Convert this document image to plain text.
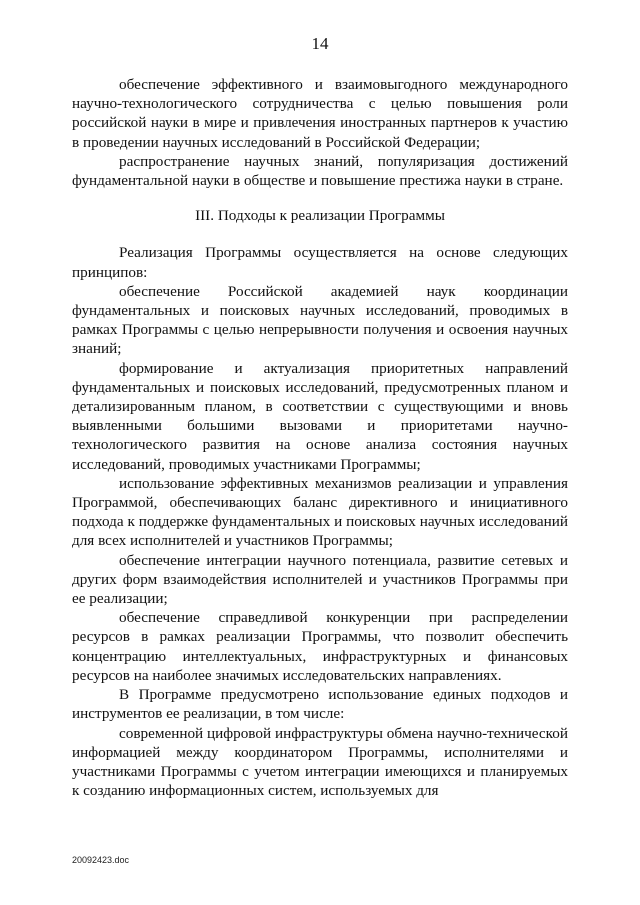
14

обеспечение эффективного и взаимовыгодного международного научно-технологического сотрудничества с целью повышения роли российской науки в мире и привлечения иностранных партнеров к участию в проведении научных исследований в Российской Федерации;

распространение научных знаний, популяризация достижений фундаментальной науки в обществе и повышение престижа науки в стране.

III. Подходы к реализации Программы

Реализация Программы осуществляется на основе следующих принципов:

обеспечение Российской академией наук координации фундаментальных и поисковых научных исследований, проводимых в рамках Программы с целью непрерывности получения и освоения научных знаний;

формирование и актуализация приоритетных направлений фундаментальных и поисковых исследований, предусмотренных планом и детализированным планом, в соответствии с существующими и вновь выявленными большими вызовами и приоритетами научно-технологического развития на основе анализа состояния научных исследований, проводимых участниками Программы;

использование эффективных механизмов реализации и управления Программой, обеспечивающих баланс директивного и инициативного подхода к поддержке фундаментальных и поисковых научных исследований для всех исполнителей и участников Программы;

обеспечение интеграции научного потенциала, развитие сетевых и других форм взаимодействия исполнителей и участников Программы при ее реализации;

обеспечение справедливой конкуренции при распределении ресурсов в рамках реализации Программы, что позволит обеспечить концентрацию интеллектуальных, инфраструктурных и финансовых ресурсов на наиболее значимых исследовательских направлениях.

В Программе предусмотрено использование единых подходов и инструментов ее реализации, в том числе:

современной цифровой инфраструктуры обмена научно-технической информацией между координатором Программы, исполнителями и участниками Программы с учетом интеграции имеющихся и планируемых к созданию информационных систем, используемых для

20092423.doc
